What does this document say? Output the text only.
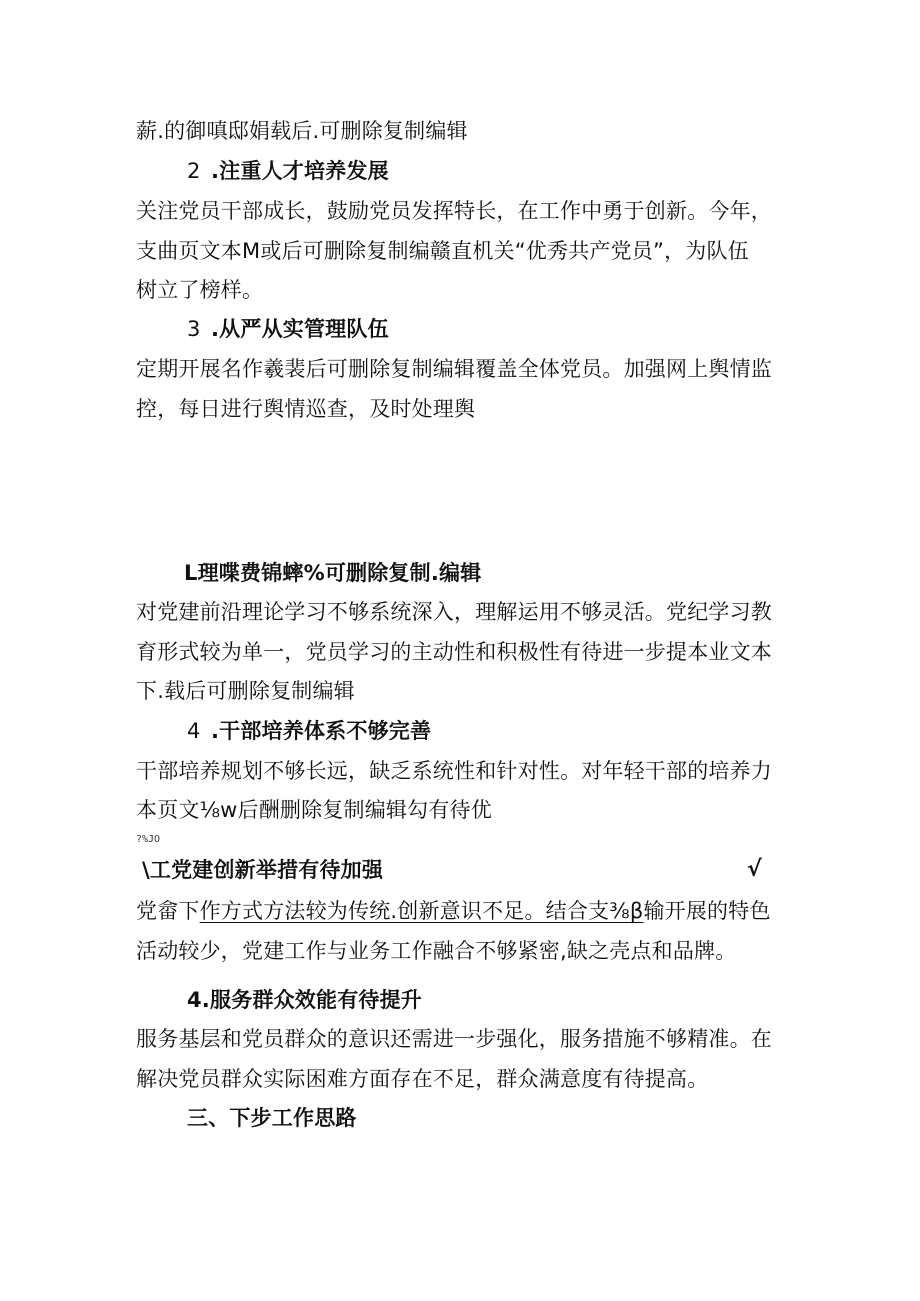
薪.的御嗔邸娟载后.可删除复制编辑

2 .注重人才培养发展

关注党员干部成长，鼓励党员发挥特长，在工作中勇于创新。今年，

支曲页文本M或后可删除复制编赣直机关“优秀共产党员”，为队伍

树立了榜样。

3 .从严从实管理队伍

定期开展名作羲裴后可删除复制编辑覆盖全体党员。加强网上舆情监

控，每日进行舆情巡查，及时处理舆

L理喋费锦蟀%可删除复制.编辑

对党建前沿理论学习不够系统深入，理解运用不够灵活。党纪学习教

育形式较为单一，党员学习的主动性和积极性有待进一步提本业文本

下.载后可删除复制编辑

4 .干部培养体系不够完善

干部培养规划不够长远，缺乏系统性和针对性。对年轻干部的培养力

本页文⅛w后酬删除复制编辑勾有待优

?%JO

\工党建创新举措有待加强	√

党畲下作方式方法较为传统.创新意识不足。结合支⅜β输开展的特色

活动较少，党建工作与业务工作融合不够紧密,缺之壳点和品牌。

4.服务群众效能有待提升

服务基层和党员群众的意识还需进一步强化，服务措施不够精准。在

解决党员群众实际困难方面存在不足，群众满意度有待提高。

三、下步工作思路
